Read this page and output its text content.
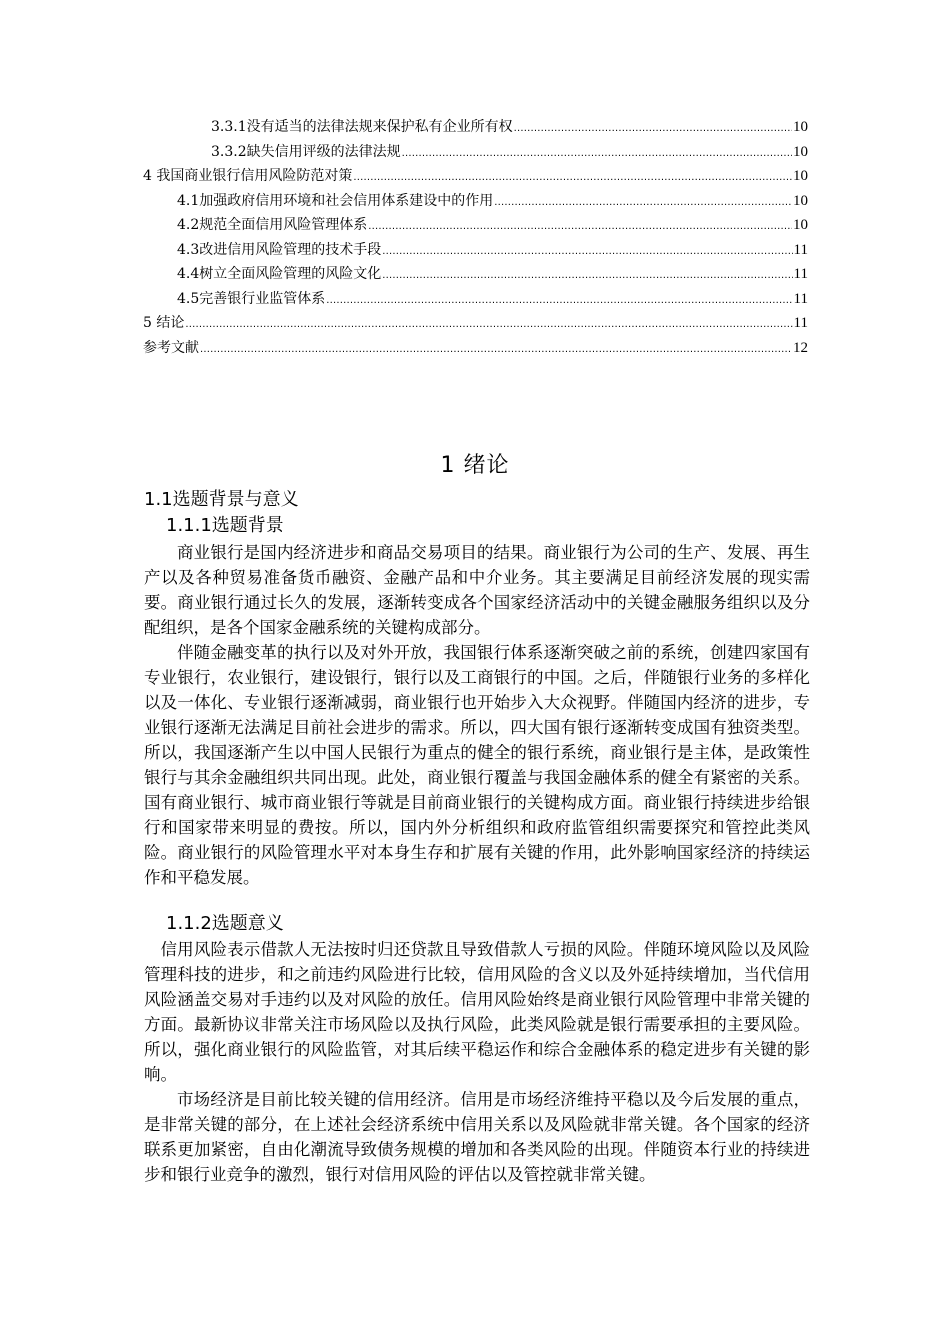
3.3.1没有适当的法律法规来保护私有企业所有权 .....	10
3.3.2缺失信用评级的法律法规 .....	10
4 我国商业银行信用风险防范对策 .....	10
4.1加强政府信用环境和社会信用体系建设中的作用 .....	10
4.2规范全面信用风险管理体系 .....	10
4.3改进信用风险管理的技术手段 .....	11
4.4树立全面风险管理的风险文化 .....	11
4.5完善银行业监管体系 .....	11
5 结论 .....	11
参考文献 .....	12
1 绪论
1.1选题背景与意义
1.1.1选题背景

商业银行是国内经济进步和商品交易项目的结果。商业银行为公司的生产、发展、再生产以及各种贸易准备货币融资、金融产品和中介业务。其主要满足目前经济发展的现实需要。商业银行通过长久的发展，逐渐转变成各个国家经济活动中的关键金融服务组织以及分配组织，是各个国家金融系统的关键构成部分。

伴随金融变革的执行以及对外开放，我国银行体系逐渐突破之前的系统，创建四家国有专业银行，农业银行，建设银行，银行以及工商银行的中国。之后，伴随银行业务的多样化以及一体化、专业银行逐渐减弱，商业银行也开始步入大众视野。伴随国内经济的进步，专业银行逐渐无法满足目前社会进步的需求。所以，四大国有银行逐渐转变成国有独资类型。所以，我国逐渐产生以中国人民银行为重点的健全的银行系统，商业银行是主体，是政策性银行与其余金融组织共同出现。此处，商业银行覆盖与我国金融体系的健全有紧密的关系。国有商业银行、城市商业银行等就是目前商业银行的关键构成方面。商业银行持续进步给银行和国家带来明显的费按。所以，国内外分析组织和政府监管组织需要探究和管控此类风险。商业银行的风险管理水平对本身生存和扩展有关键的作用，此外影响国家经济的持续运作和平稳发展。

1.1.2选题意义

信用风险表示借款人无法按时归还贷款且导致借款人亏损的风险。伴随环境风险以及风险管理科技的进步，和之前违约风险进行比较，信用风险的含义以及外延持续增加，当代信用风险涵盖交易对手违约以及对风险的放任。信用风险始终是商业银行风险管理中非常关键的方面。最新协议非常关注市场风险以及执行风险，此类风险就是银行需要承担的主要风险。所以，强化商业银行的风险监管，对其后续平稳运作和综合金融体系的稳定进步有关键的影响。

市场经济是目前比较关键的信用经济。信用是市场经济维持平稳以及今后发展的重点，是非常关键的部分，在上述社会经济系统中信用关系以及风险就非常关键。各个国家的经济联系更加紧密，自由化潮流导致债务规模的增加和各类风险的出现。伴随资本行业的持续进步和银行业竞争的激烈，银行对信用风险的评估以及管控就非常关键。
